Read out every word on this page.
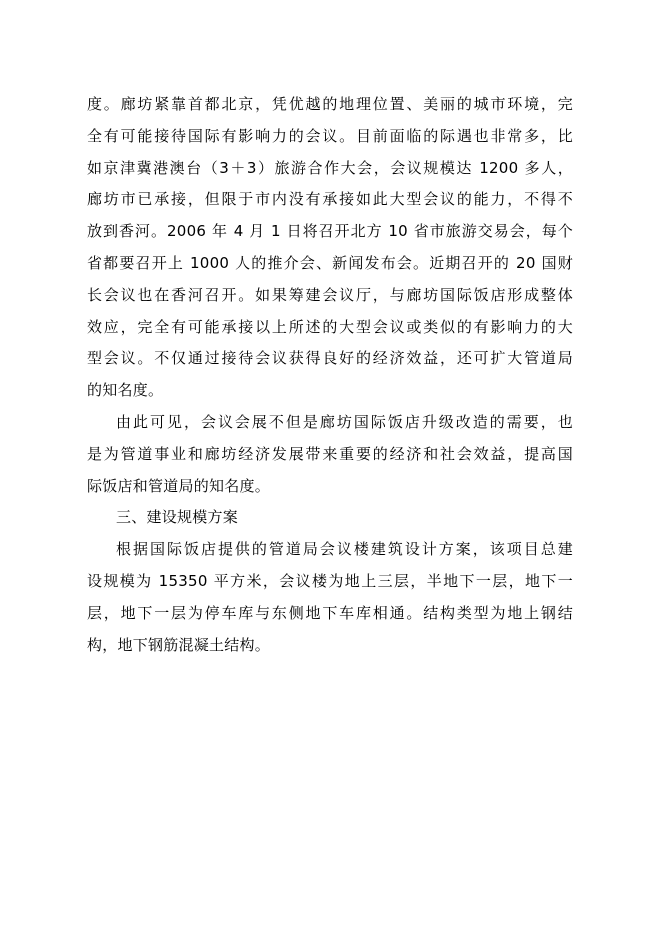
度。廊坊紧靠首都北京，凭优越的地理位置、美丽的城市环境，完
全有可能接待国际有影响力的会议。目前面临的际遇也非常多，比
如京津冀港澳台（3＋3）旅游合作大会，会议规模达 1200 多人，
廊坊市已承接，但限于市内没有承接如此大型会议的能力，不得不
放到香河。2006 年 4 月 1 日将召开北方 10 省市旅游交易会，每个
省都要召开上 1000 人的推介会、新闻发布会。近期召开的 20 国财
长会议也在香河召开。如果筹建会议厅，与廊坊国际饭店形成整体
效应，完全有可能承接以上所述的大型会议或类似的有影响力的大
型会议。不仅通过接待会议获得良好的经济效益，还可扩大管道局
的知名度。
由此可见，会议会展不但是廊坊国际饭店升级改造的需要，也
是为管道事业和廊坊经济发展带来重要的经济和社会效益，提高国
际饭店和管道局的知名度。
三、建设规模方案
根据国际饭店提供的管道局会议楼建筑设计方案，该项目总建
设规模为 15350 平方米，会议楼为地上三层，半地下一层，地下一
层，地下一层为停车库与东侧地下车库相通。结构类型为地上钢结
构，地下钢筋混凝土结构。
